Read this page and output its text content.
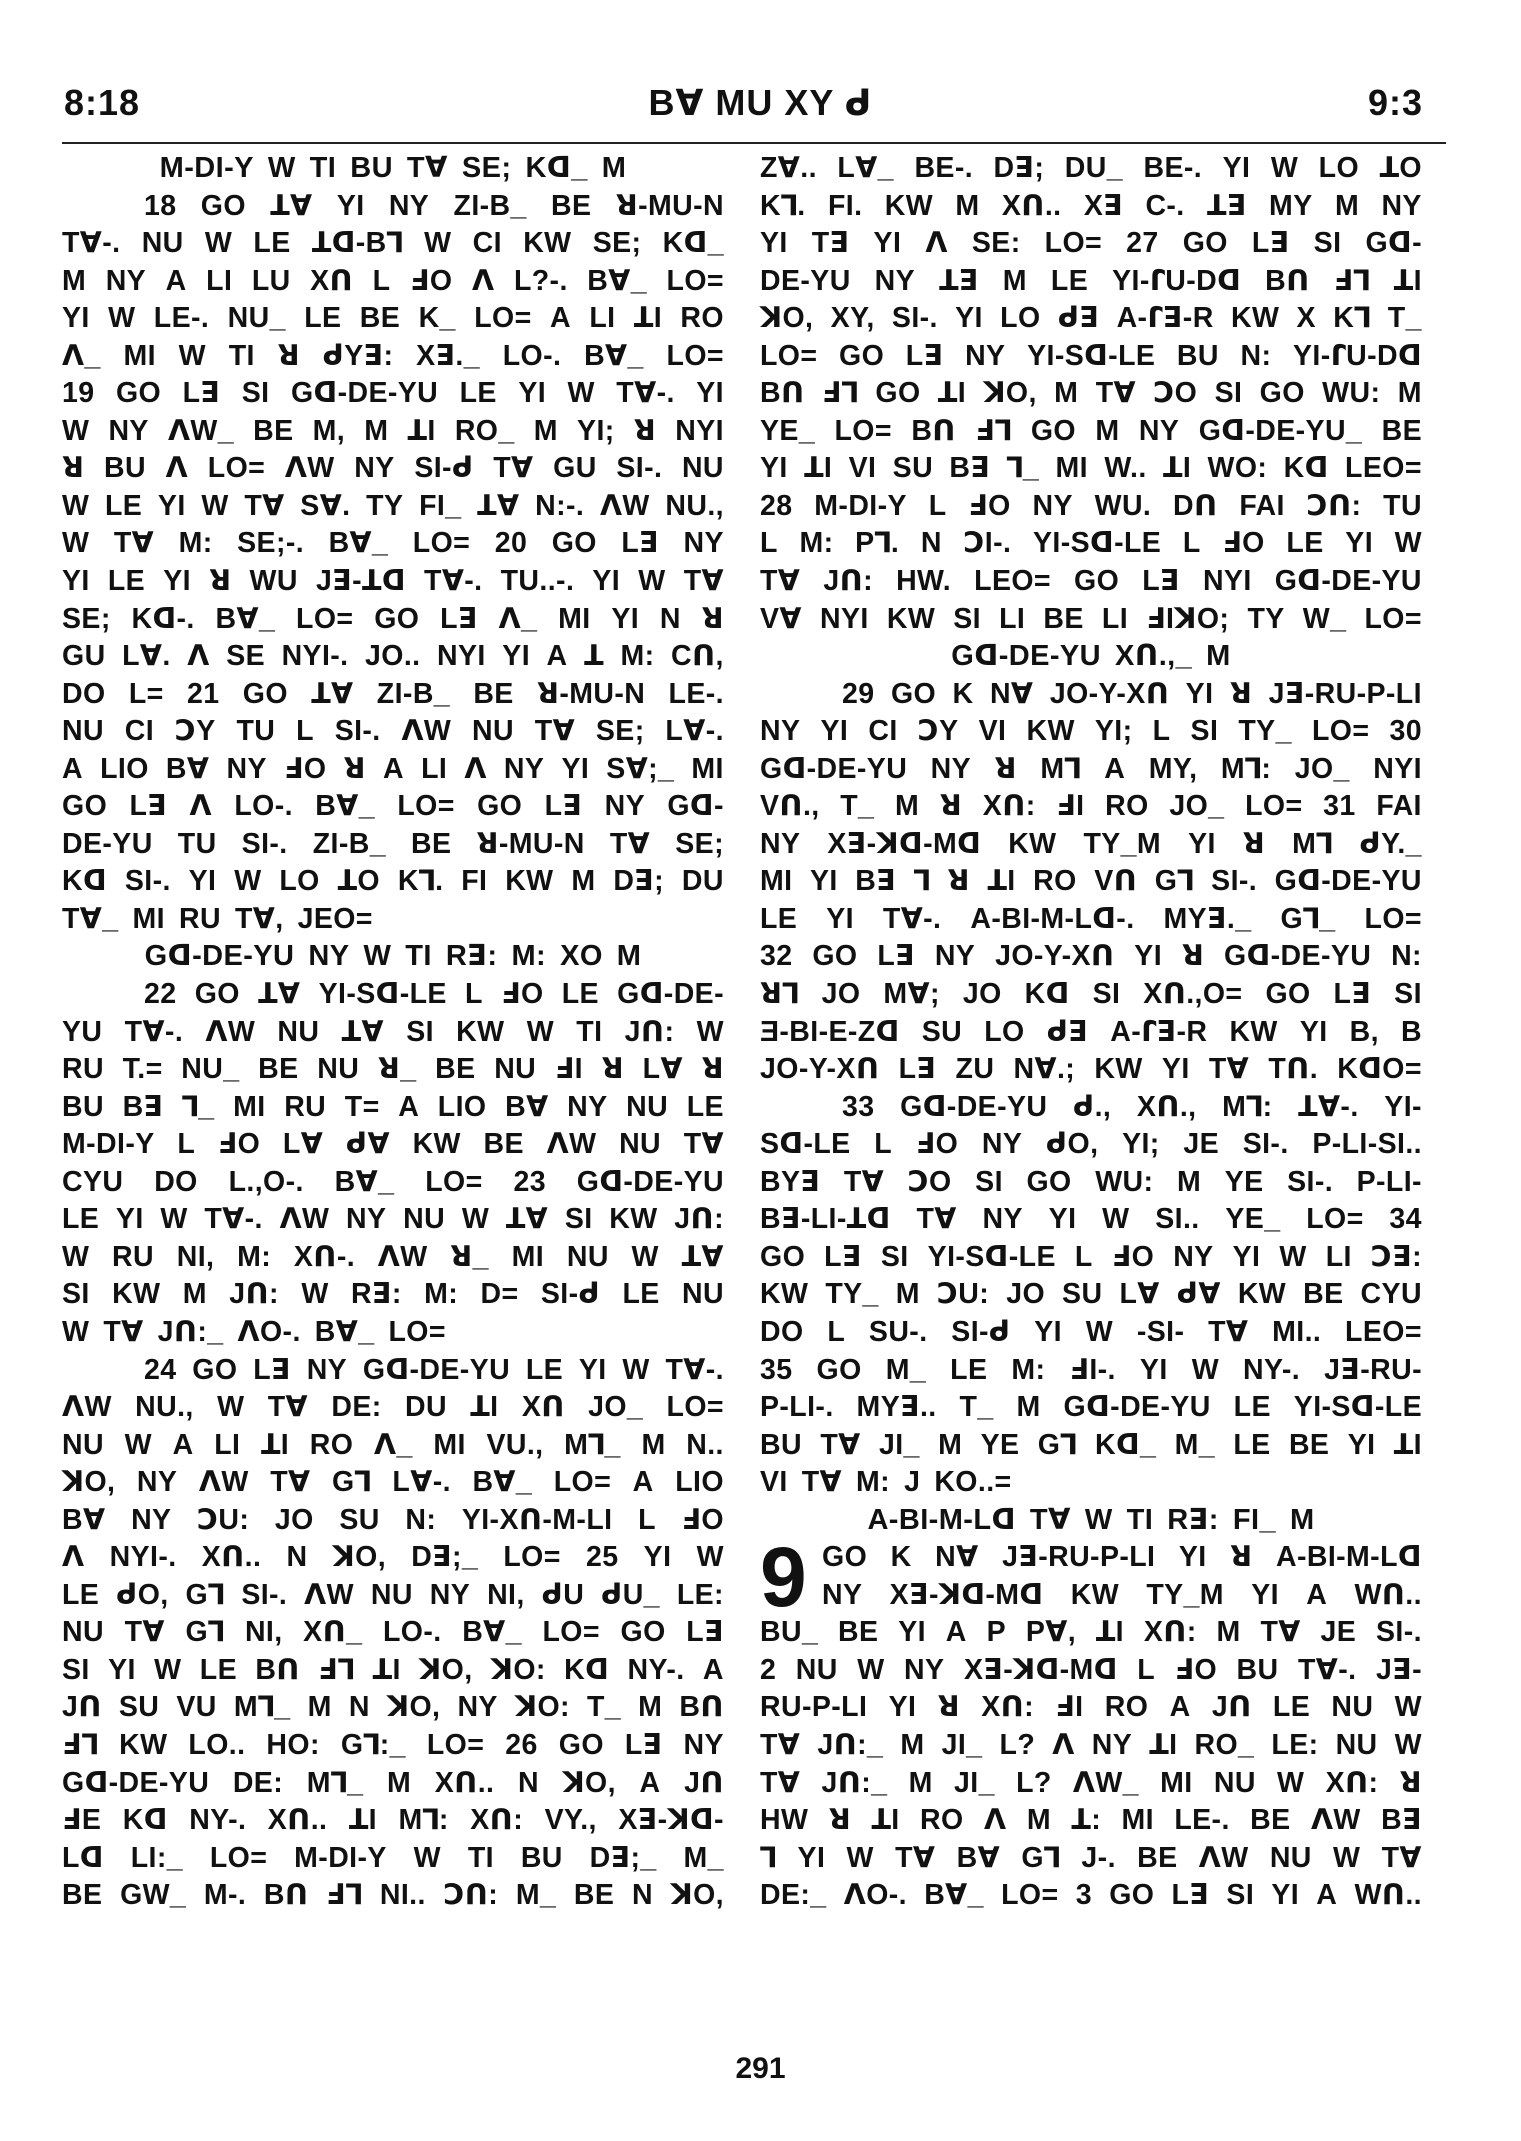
8:18	Bꓯ MU XY ᑯ	9:3
M-DI-Y W TI BU Tꓯ SE; Kꓷ_ M
18 GO ꓕꓯ YI NY ZI-B_ BE ꓤ-MU-N
Tꓯ-. NU W LE ꓕꓷ-Bꓶ W CI KW SE; Kꓷ_
M NY A LI LU Xꓵ L ꓞO ꓥ L?-. Bꓯ_ LO=
YI W LE-. NU_ LE BE K_ LO= A LI ꓕI RO
ꓥ_ MI W TI ꓤ ᑯYꓱ: Xꓱ._ LO-. Bꓯ_ LO=
19 GO Lꓱ SI Gꓷ-DE-YU LE YI W Tꓯ-. YI
W NY ꓥW_ BE M, M ꓕI RO_ M YI; ꓤ NYI
ꓤ BU ꓥ LO= ꓥW NY SI-ᑯ Tꓯ GU SI-. NU
W LE YI W Tꓯ Sꓯ. TY FI_ ꓕꓯ N:-. ꓥW NU.,
W Tꓯ M: SE;-. Bꓯ_ LO= 20 GO Lꓱ NY
YI LE YI ꓤ WU Jꓱ-ꓕꓷ Tꓯ-. TU..-. YI W Tꓯ
SE; Kꓷ-. Bꓯ_ LO= GO Lꓱ ꓥ_ MI YI N ꓤ
GU Lꓯ. ꓥ SE NYI-. JO.. NYI YI A ꓕ M: Cꓵ,
DO L= 21 GO ꓕꓯ ZI-B_ BE ꓤ-MU-N LE-.
NU CI ꓛY TU L SI-. ꓥW NU Tꓯ SE; Lꓯ-.
A LIO Bꓯ NY ꓞO ꓤ A LI ꓥ NY YI Sꓯ;_ MI
GO Lꓱ ꓥ LO-. Bꓯ_ LO= GO Lꓱ NY Gꓷ-
DE-YU TU SI-. ZI-B_ BE ꓤ-MU-N Tꓯ SE;
Kꓷ SI-. YI W LO ꓕO Kꓶ. FI KW M Dꓱ; DU
Tꓯ_ MI RU Tꓯ, JEO=
Gꓷ-DE-YU NY W TI Rꓱ: M: XO M
22 GO ꓕꓯ YI-Sꓷ-LE L ꓞO LE Gꓷ-DE-
YU Tꓯ-. ꓥW NU ꓕꓯ SI KW W TI Jꓵ: W
RU T.= NU_ BE NU ꓤ_ BE NU ꓞI ꓤ Lꓯ ꓤ
BU Bꓱ ꓶ_ MI RU T= A LIO Bꓯ NY NU LE
M-DI-Y L ꓞO Lꓯ ᑯꓯ KW BE ꓥW NU Tꓯ
CYU DO L.,O-. Bꓯ_ LO= 23 Gꓷ-DE-YU
LE YI W Tꓯ-. ꓥW NY NU W ꓕꓯ SI KW Jꓵ:
W RU NI, M: Xꓵ-. ꓥW ꓤ_ MI NU W ꓕꓯ
SI KW M Jꓵ: W Rꓱ: M: D= SI-ᑯ LE NU
W Tꓯ Jꓵ:_ ꓥO-. Bꓯ_ LO=
24 GO Lꓱ NY Gꓷ-DE-YU LE YI W Tꓯ-.
ꓥW NU., W Tꓯ DE: DU ꓕI Xꓵ JO_ LO=
NU W A LI ꓕI RO ꓥ_ MI VU., Mꓶ_ M N..
ꓘO, NY ꓥW Tꓯ Gꓶ Lꓯ-. Bꓯ_ LO= A LIO
Bꓯ NY ꓛU: JO SU N: YI-Xꓵ-M-LI L ꓞO
ꓥ NYI-. Xꓵ.. N ꓘO, Dꓱ;_ LO= 25 YI W
LE ᑯO, Gꓶ SI-. ꓥW NU NY NI, ᑯU ᑯU_ LE:
NU Tꓯ Gꓶ NI, Xꓵ_ LO-. Bꓯ_ LO= GO Lꓱ
SI YI W LE Bꓵ ꓞꓶ ꓕI ꓘO, ꓘO: Kꓷ NY-. A
Jꓵ SU VU Mꓶ_ M N ꓘO, NY ꓘO: T_ M Bꓵ
ꓞꓶ KW LO.. HO: Gꓶ:_ LO= 26 GO Lꓱ NY
Gꓷ-DE-YU DE: Mꓶ_ M Xꓵ.. N ꓘO, A Jꓵ
ꓞE Kꓷ NY-. Xꓵ.. ꓕI Mꓶ: Xꓵ: VY., Xꓱ-ꓘꓷ-
Lꓷ LI:_ LO= M-DI-Y W TI BU Dꓱ;_ M_
BE GW_ M-. Bꓵ ꓞꓶ NI.. ꓛꓵ: M_ BE N ꓘO,
Zꓯ.. Lꓯ_ BE-. Dꓱ; DU_ BE-. YI W LO ꓕO
Kꓶ. FI. KW M Xꓵ.. Xꓱ C-. ꓕꓱ MY M NY
YI Tꓱ YI ꓥ SE: LO= 27 GO Lꓱ SI Gꓷ-
DE-YU NY ꓕꓱ M LE YI-ꓩU-Dꓷ Bꓵ ꓞꓶ ꓕI
ꓘO, XY, SI-. YI LO ᑯꓱ A-ꓩꓱ-R KW X Kꓶ T_
LO= GO Lꓱ NY YI-Sꓷ-LE BU N: YI-ꓩU-Dꓷ
Bꓵ ꓞꓶ GO ꓕI ꓘO, M Tꓯ ꓛO SI GO WU: M
YE_ LO= Bꓵ ꓞꓶ GO M NY Gꓷ-DE-YU_ BE
YI ꓕI VI SU Bꓱ ꓶ_ MI W.. ꓕI WO: Kꓷ LEO=
28 M-DI-Y L ꓞO NY WU. Dꓵ FAI ꓛꓵ: TU
L M: Pꓶ. N ꓛI-. YI-Sꓷ-LE L ꓞO LE YI W
Tꓯ Jꓵ: HW. LEO= GO Lꓱ NYI Gꓷ-DE-YU
Vꓯ NYI KW SI LI BE LI ꓞIꓘO; TY W_ LO=
Gꓷ-DE-YU Xꓵ.,_ M
29 GO K Nꓯ JO-Y-Xꓵ YI ꓤ Jꓱ-RU-P-LI
NY YI CI ꓛY VI KW YI; L SI TY_ LO= 30
Gꓷ-DE-YU NY ꓤ Mꓶ A MY, Mꓶ: JO_ NYI
Vꓵ., T_ M ꓤ Xꓵ: ꓞI RO JO_ LO= 31 FAI
NY Xꓱ-ꓘꓷ-Mꓷ KW TY_M YI ꓤ Mꓶ ᑯY._
MI YI Bꓱ ꓶ ꓤ ꓕI RO Vꓵ Gꓶ SI-. Gꓷ-DE-YU
LE YI Tꓯ-. A-BI-M-Lꓷ-. MYꓱ._ Gꓶ_ LO=
32 GO Lꓱ NY JO-Y-Xꓵ YI ꓤ Gꓷ-DE-YU N:
ꓤꓶ JO Mꓯ; JO Kꓷ SI Xꓵ.,O= GO Lꓱ SI
Ǝ-BI-E-Zꓷ SU LO ᑯꓱ A-ꓩꓱ-R KW YI B, B
JO-Y-Xꓵ Lꓱ ZU Nꓯ.; KW YI Tꓯ Tꓵ. KꓷO=
33 Gꓷ-DE-YU ᑯ., Xꓵ., Mꓶ: ꓕꓯ-. YI-
Sꓷ-LE L ꓞO NY ᑯO, YI; JE SI-. P-LI-SI..
BYꓱ Tꓯ ꓛO SI GO WU: M YE SI-. P-LI-
Bꓱ-LI-ꓕꓷ Tꓯ NY YI W SI.. YE_ LO= 34
GO Lꓱ SI YI-Sꓷ-LE L ꓞO NY YI W LI ꓛꓱ:
KW TY_ M ꓛU: JO SU Lꓯ ᑯꓯ KW BE CYU
DO L SU-. SI-ᑯ YI W -SI- Tꓯ MI.. LEO=
35 GO M_ LE M: ꓞI-. YI W NY-. Jꓱ-RU-
P-LI-. MYꓱ.. T_ M Gꓷ-DE-YU LE YI-Sꓷ-LE
BU Tꓯ JI_ M YE Gꓶ Kꓷ_ M_ LE BE YI ꓕI
VI Tꓯ M: J KO..=
A-BI-M-Lꓷ Tꓯ W TI Rꓱ: FI_ M
9 GO K Nꓯ Jꓱ-RU-P-LI YI ꓤ A-BI-M-Lꓷ
NY Xꓱ-ꓘꓷ-Mꓷ KW TY_M YI A Wꓵ..
BU_ BE YI A P Pꓯ, ꓕI Xꓵ: M Tꓯ JE SI-.
2 NU W NY Xꓱ-ꓘꓷ-Mꓷ L ꓞO BU Tꓯ-. Jꓱ-
RU-P-LI YI ꓤ Xꓵ: ꓞI RO A Jꓵ LE NU W
Tꓯ Jꓵ:_ M JI_ L? ꓥ NY ꓕI RO_ LE: NU W
Tꓯ Jꓵ:_ M JI_ L? ꓥW_ MI NU W Xꓵ: ꓤ
HW ꓤ ꓕI RO ꓥ M ꓕ: MI LE-. BE ꓥW Bꓱ
ꓶ YI W Tꓯ Bꓯ Gꓶ J-. BE ꓥW NU W Tꓯ
DE:_ ꓥO-. Bꓯ_ LO= 3 GO Lꓱ SI YI A Wꓵ..
291
